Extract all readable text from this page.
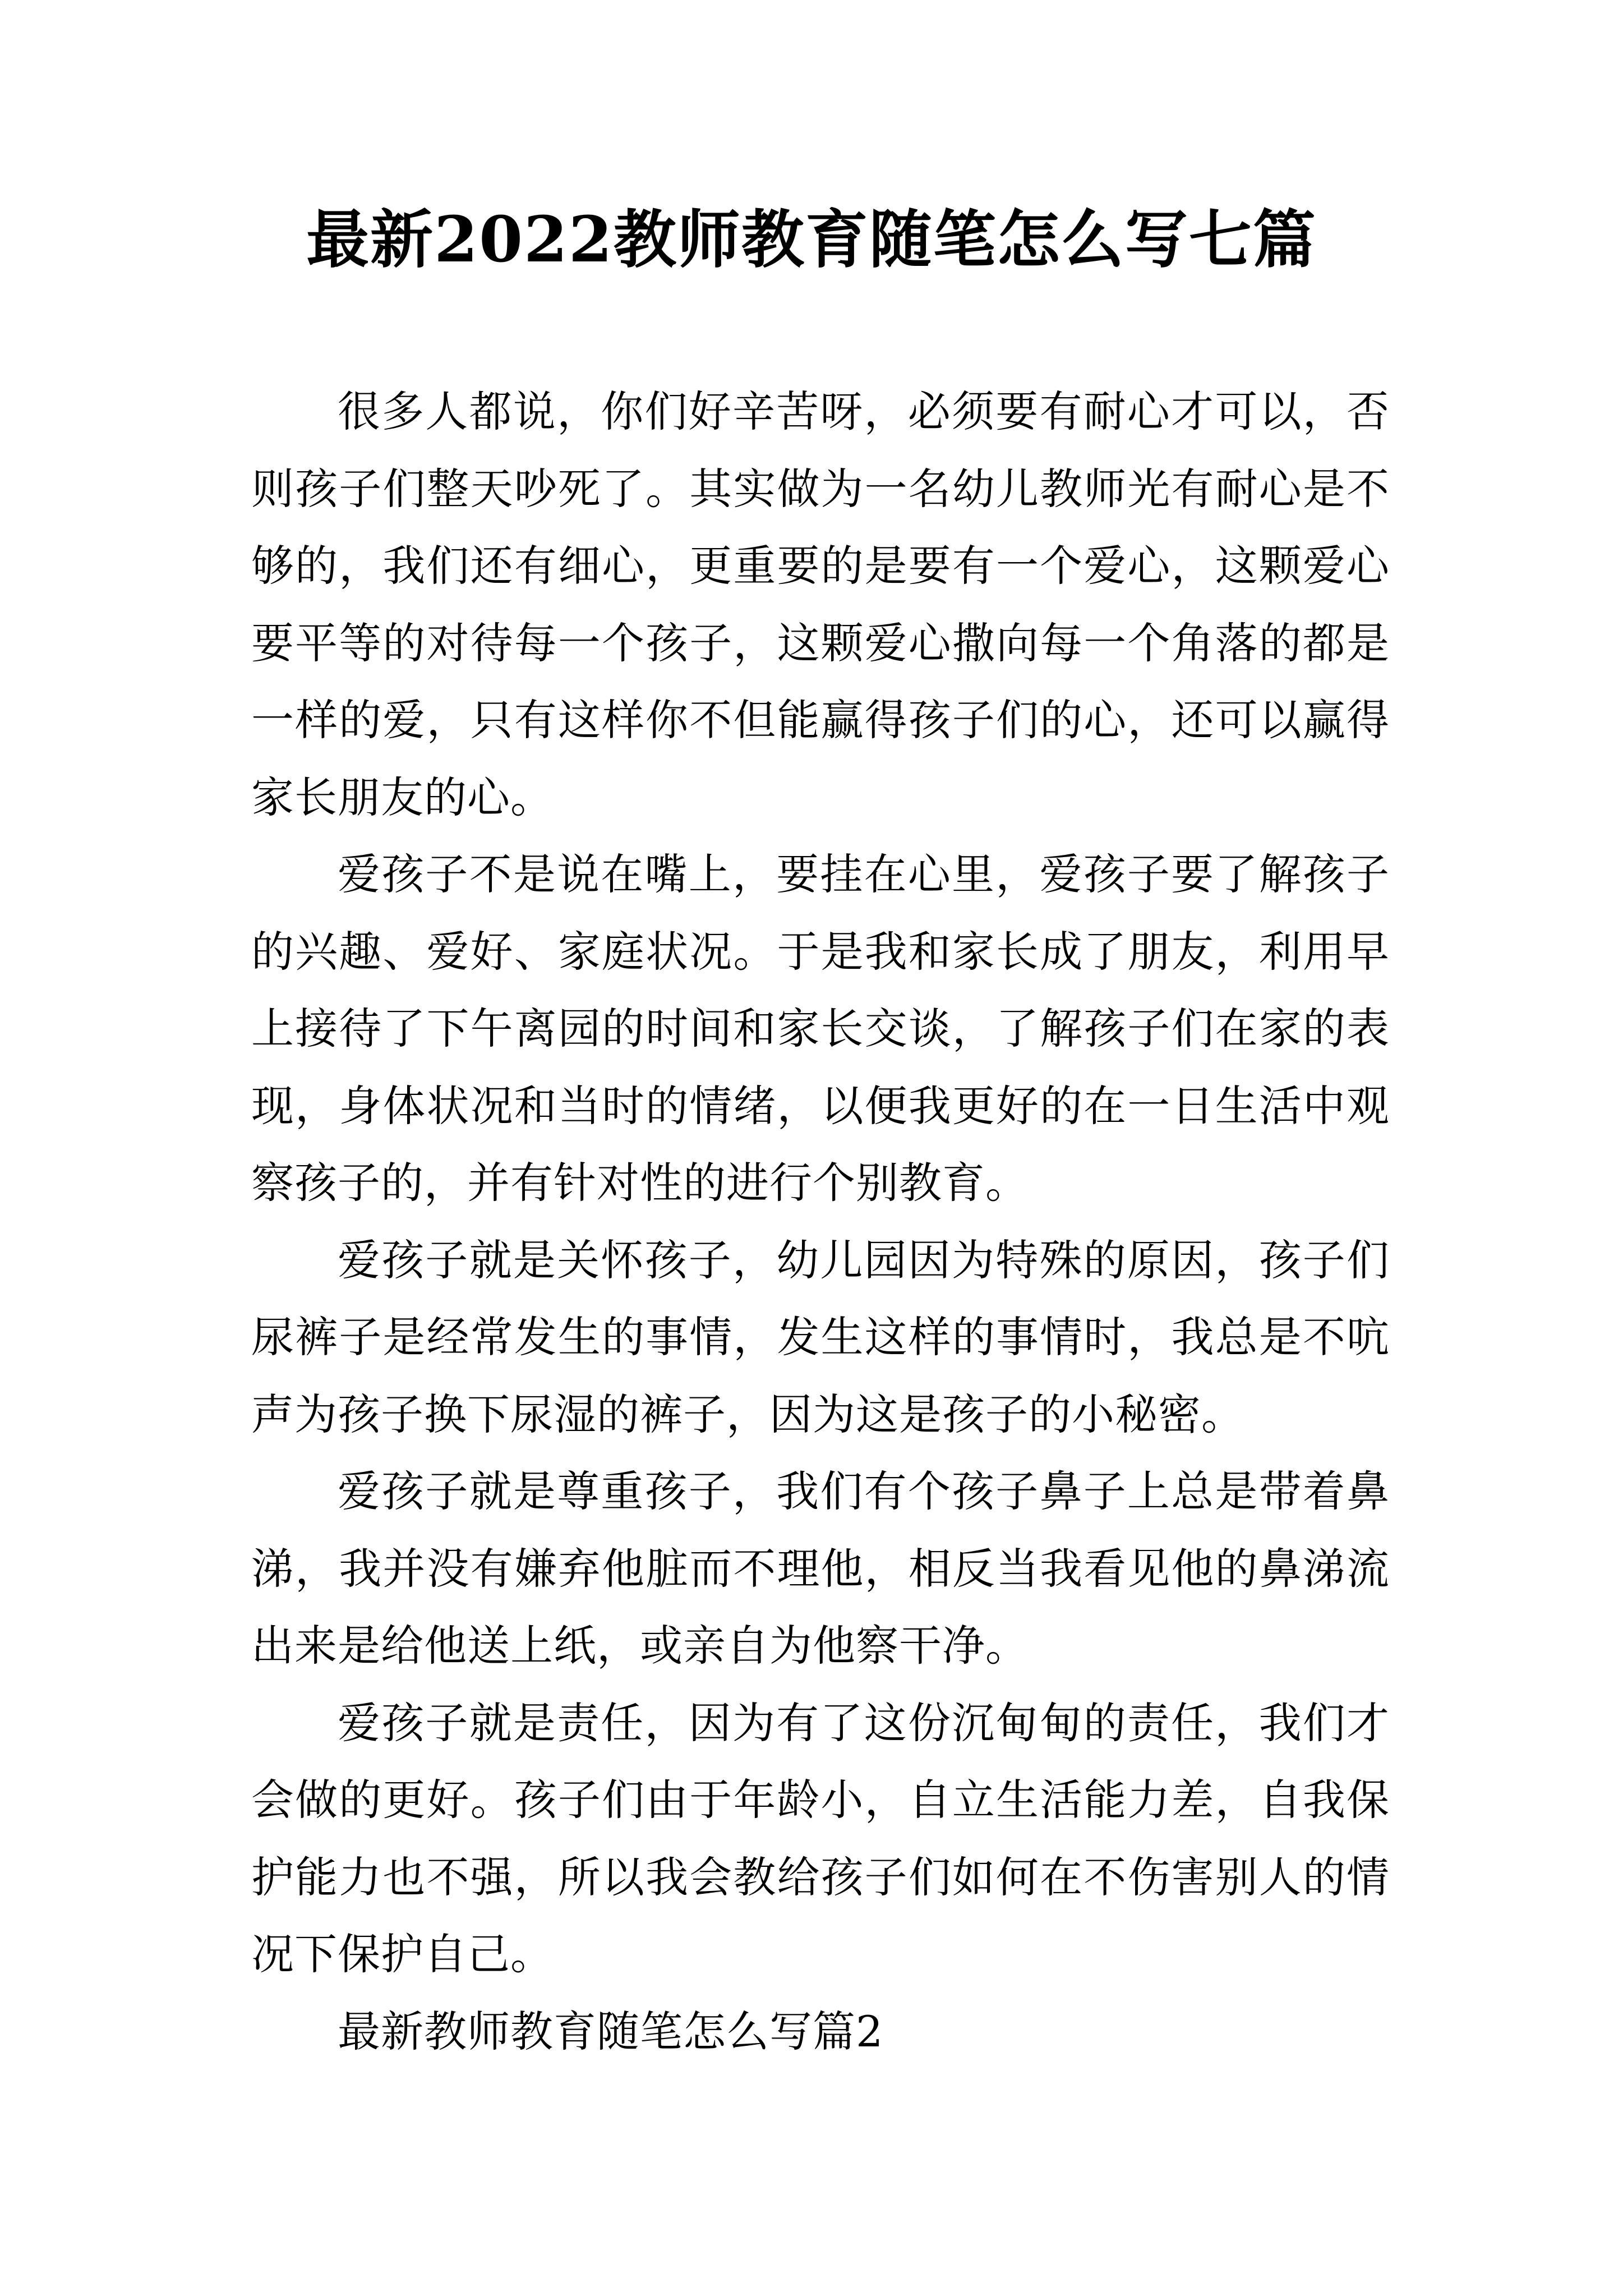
最新2022教师教育随笔怎么写七篇

很多人都说，你们好辛苦呀，必须要有耐心才可以，否则孩子们整天吵死了。其实做为一名幼儿教师光有耐心是不够的，我们还有细心，更重要的是要有一个爱心，这颗爱心要平等的对待每一个孩子，这颗爱心撒向每一个角落的都是一样的爱，只有这样你不但能赢得孩子们的心，还可以赢得家长朋友的心。

爱孩子不是说在嘴上，要挂在心里，爱孩子要了解孩子的兴趣、爱好、家庭状况。于是我和家长成了朋友，利用早上接待了下午离园的时间和家长交谈，了解孩子们在家的表现，身体状况和当时的情绪，以便我更好的在一日生活中观察孩子的，并有针对性的进行个别教育。

爱孩子就是关怀孩子，幼儿园因为特殊的原因，孩子们尿裤子是经常发生的事情，发生这样的事情时，我总是不吭声为孩子换下尿湿的裤子，因为这是孩子的小秘密。

爱孩子就是尊重孩子，我们有个孩子鼻子上总是带着鼻涕，我并没有嫌弃他脏而不理他，相反当我看见他的鼻涕流出来是给他送上纸，或亲自为他察干净。

爱孩子就是责任，因为有了这份沉甸甸的责任，我们才会做的更好。孩子们由于年龄小，自立生活能力差，自我保护能力也不强，所以我会教给孩子们如何在不伤害别人的情况下保护自己。

最新教师教育随笔怎么写篇2
